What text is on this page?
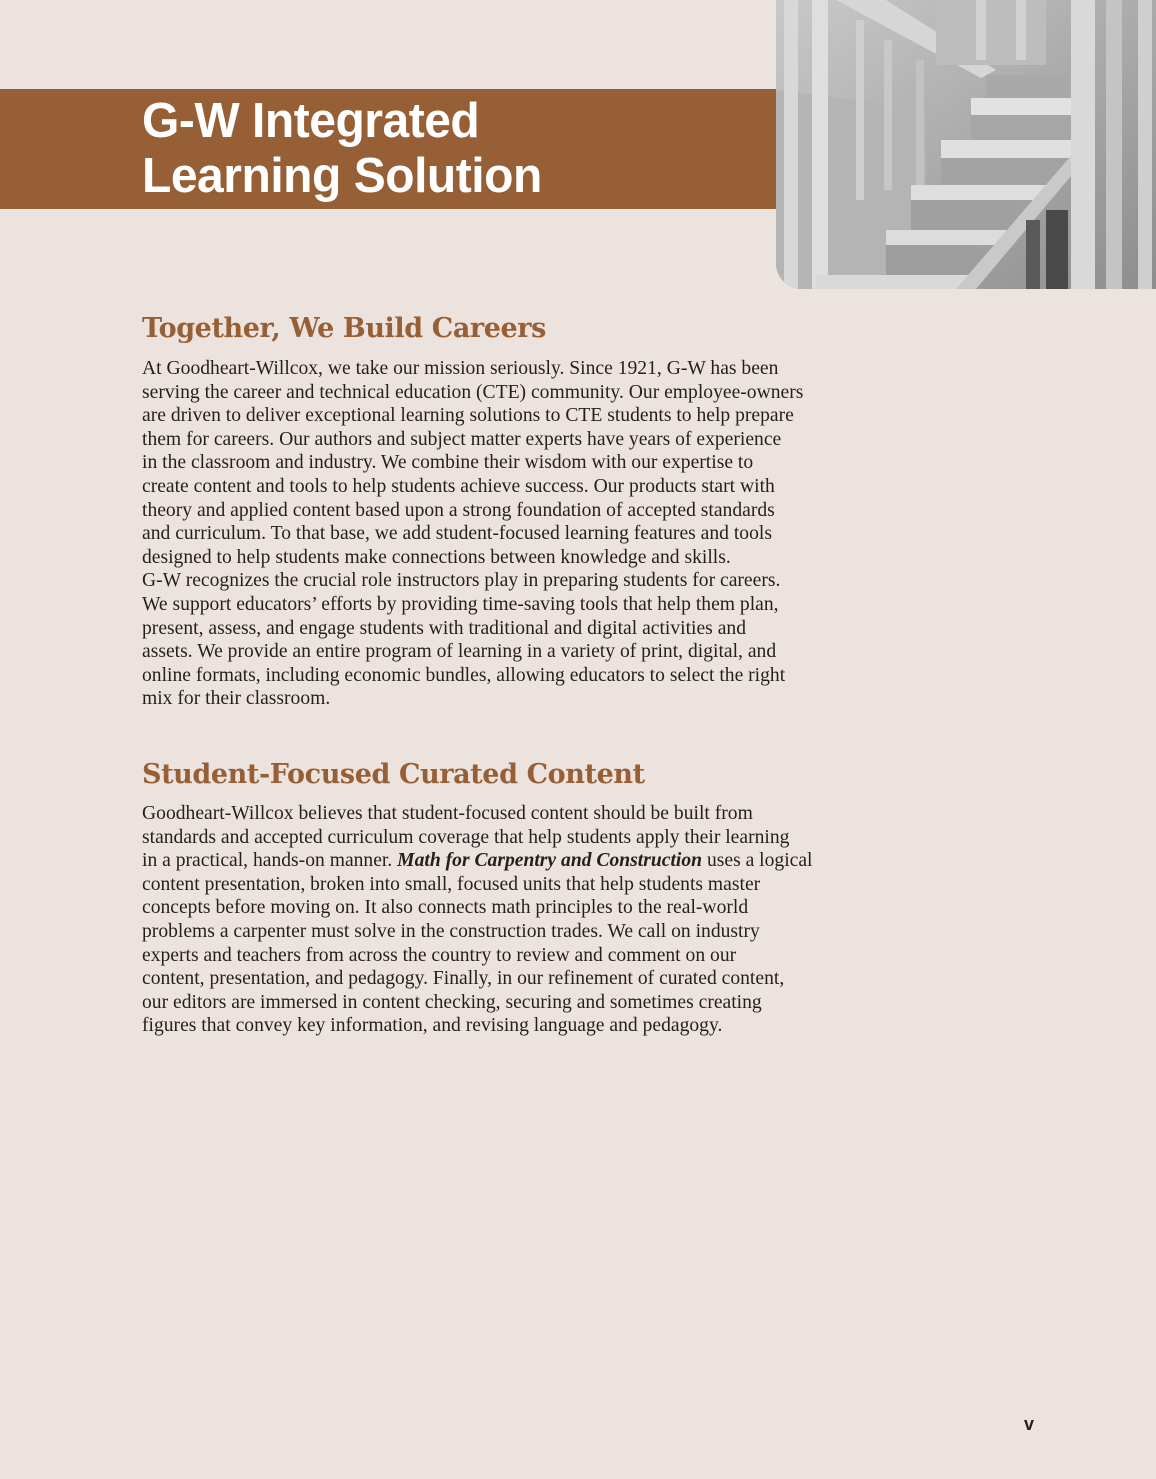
G-W Integrated
Learning Solution
Together, We Build Careers

At Goodheart-Willcox, we take our mission seriously. Since 1921, G-W has been
serving the career and technical education (CTE) community. Our employee-owners
are driven to deliver exceptional learning solutions to CTE students to help prepare
them for careers. Our authors and subject matter experts have years of experience
in the classroom and industry. We combine their wisdom with our expertise to
create content and tools to help students achieve success. Our products start with
theory and applied content based upon a strong foundation of accepted standards
and curriculum. To that base, we add student-focused learning features and tools
designed to help students make connections between knowledge and skills.
G-W recognizes the crucial role instructors play in preparing students for careers.
We support educators’ efforts by providing time-saving tools that help them plan,
present, assess, and engage students with traditional and digital activities and
assets. We provide an entire program of learning in a variety of print, digital, and
online formats, including economic bundles, allowing educators to select the right
mix for their classroom.

Student-Focused Curated Content

Goodheart-Willcox believes that student-focused content should be built from
standards and accepted curriculum coverage that help students apply their learning
in a practical, hands-on manner. Math for Carpentry and Construction uses a logical
content presentation, broken into small, focused units that help students master
concepts before moving on. It also connects math principles to the real-world
problems a carpenter must solve in the construction trades. We call on industry
experts and teachers from across the country to review and comment on our
content, presentation, and pedagogy. Finally, in our refinement of curated content,
our editors are immersed in content checking, securing and sometimes creating
figures that convey key information, and revising language and pedagogy.

v
